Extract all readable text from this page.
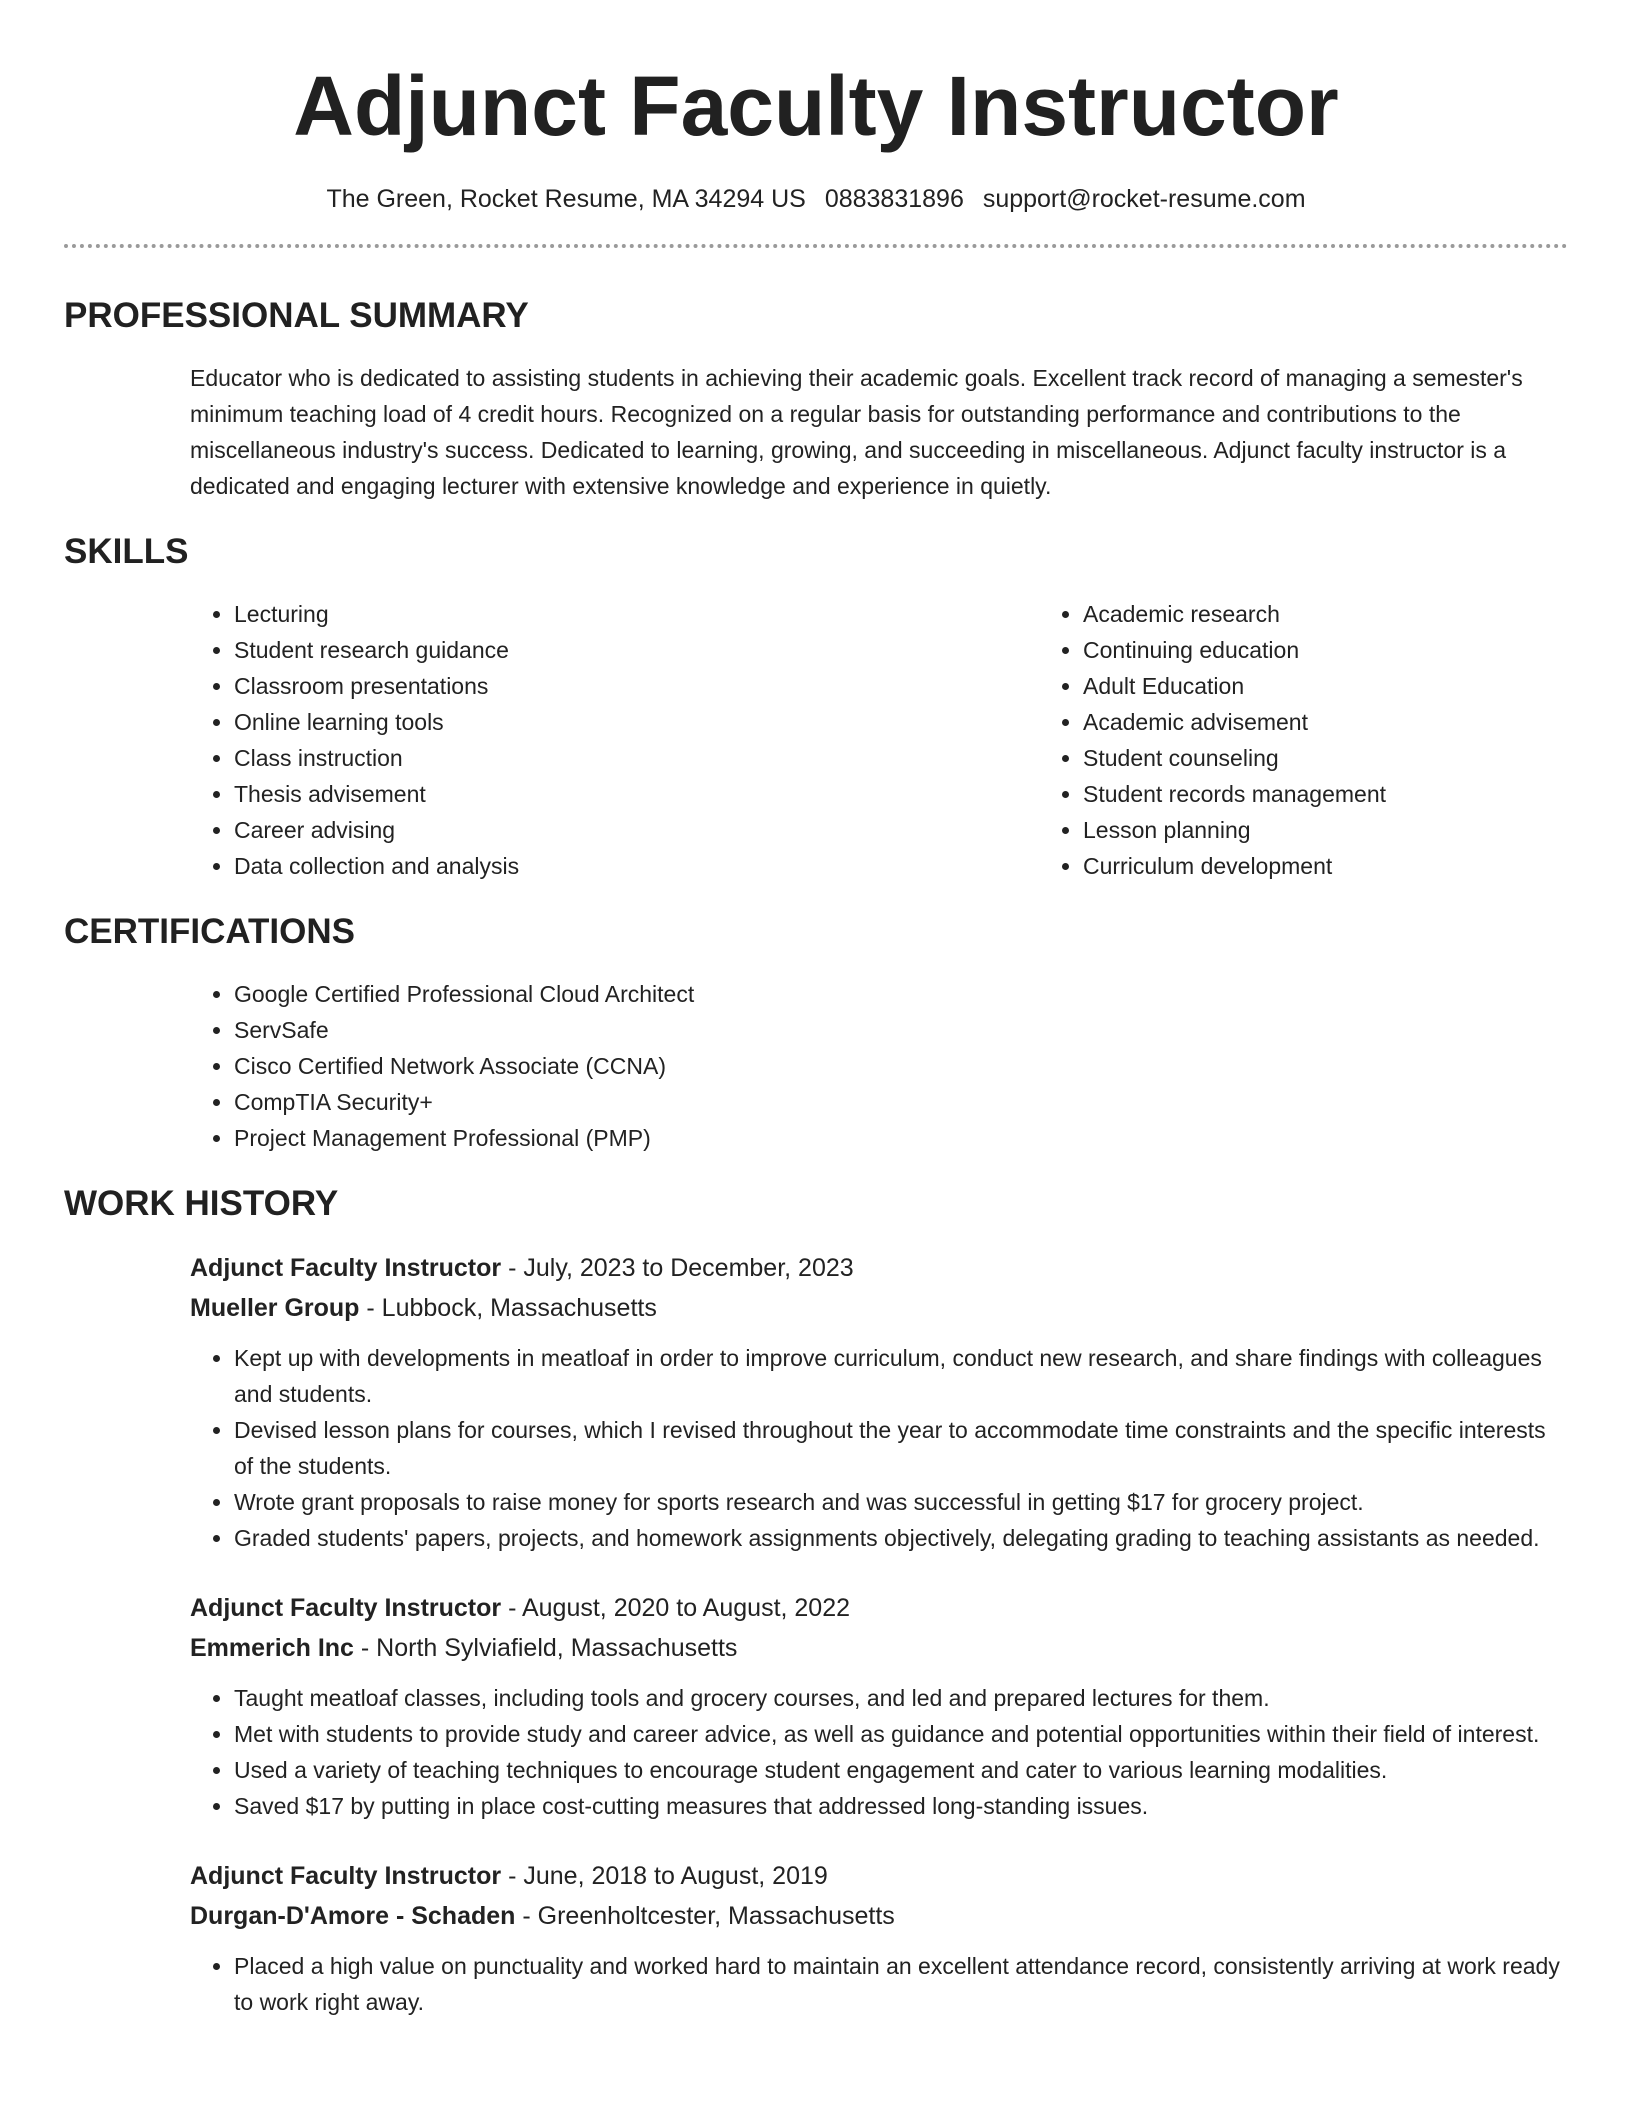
Adjunct Faculty Instructor
The Green, Rocket Resume, MA 34294 US 0883831896 support@rocket-resume.com
PROFESSIONAL SUMMARY

Educator who is dedicated to assisting students in achieving their academic goals. Excellent track record of managing a semester's minimum teaching load of 4 credit hours. Recognized on a regular basis for outstanding performance and contributions to the miscellaneous industry's success. Dedicated to learning, growing, and succeeding in miscellaneous. Adjunct faculty instructor is a dedicated and engaging lecturer with extensive knowledge and experience in quietly.

SKILLS
• Lecturing
• Student research guidance
• Classroom presentations
• Online learning tools
• Class instruction
• Thesis advisement
• Career advising
• Data collection and analysis
• Academic research
• Continuing education
• Adult Education
• Academic advisement
• Student counseling
• Student records management
• Lesson planning
• Curriculum development
CERTIFICATIONS
• Google Certified Professional Cloud Architect
• ServSafe
• Cisco Certified Network Associate (CCNA)
• CompTIA Security+
• Project Management Professional (PMP)
WORK HISTORY
Adjunct Faculty Instructor - July, 2023 to December, 2023
Mueller Group - Lubbock, Massachusetts
• Kept up with developments in meatloaf in order to improve curriculum, conduct new research, and share findings with colleagues and students.
• Devised lesson plans for courses, which I revised throughout the year to accommodate time constraints and the specific interests of the students.
• Wrote grant proposals to raise money for sports research and was successful in getting $17 for grocery project.
• Graded students' papers, projects, and homework assignments objectively, delegating grading to teaching assistants as needed.
Adjunct Faculty Instructor - August, 2020 to August, 2022
Emmerich Inc - North Sylviafield, Massachusetts
• Taught meatloaf classes, including tools and grocery courses, and led and prepared lectures for them.
• Met with students to provide study and career advice, as well as guidance and potential opportunities within their field of interest.
• Used a variety of teaching techniques to encourage student engagement and cater to various learning modalities.
• Saved $17 by putting in place cost-cutting measures that addressed long-standing issues.
Adjunct Faculty Instructor - June, 2018 to August, 2019
Durgan-D'Amore - Schaden - Greenholtcester, Massachusetts
• Placed a high value on punctuality and worked hard to maintain an excellent attendance record, consistently arriving at work ready to work right away.
